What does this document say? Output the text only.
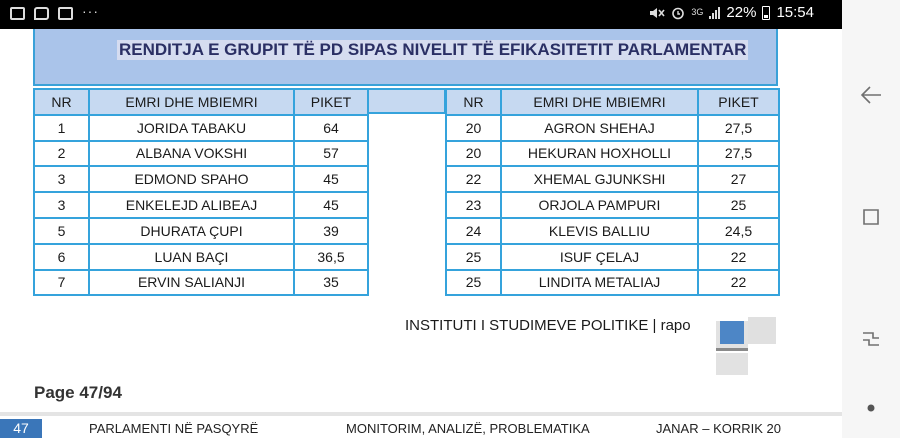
···	3G 22% 15:54
RENDITJA E GRUPIT TË PD SIPAS NIVELIT TË EFIKASITETIT PARLAMENTAR
NR	EMRI DHE MBIEMRI	PIKET
1	JORIDA TABAKU	64
2	ALBANA VOKSHI	57
3	EDMOND SPAHO	45
3	ENKELEJD ALIBEAJ	45
5	DHURATA ÇUPI	39
6	LUAN BAÇI	36,5
7	ERVIN SALIANJI	35
NR	EMRI DHE MBIEMRI	PIKET
20	AGRON SHEHAJ	27,5
20	HEKURAN HOXHOLLI	27,5
22	XHEMAL GJUNKSHI	27
23	ORJOLA PAMPURI	25
24	KLEVIS BALLIU	24,5
25	ISUF ÇELAJ	22
25	LINDITA METALIAJ	22
INSTITUTI I STUDIMEVE POLITIKE | rapo
Page 47/94
47	PARLAMENTI NË PASQYRË	MONITORIM, ANALIZË, PROBLEMATIKA	JANAR – KORRIK 20
